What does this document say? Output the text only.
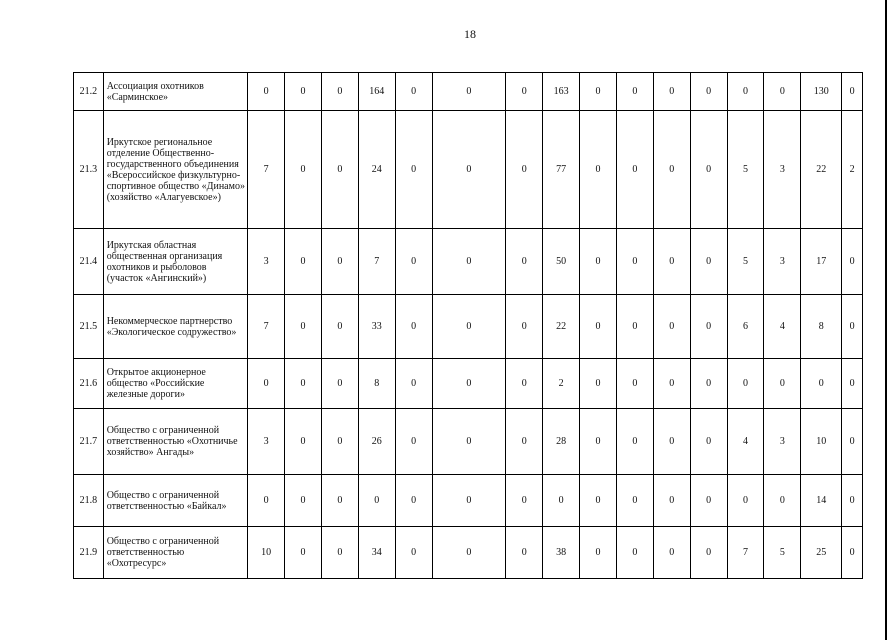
18
21.2	Ассоциация охотников «Сарминское»	0	0	0	164	0	0	0	163	0	0	0	0	0	0	130	0
21.3	Иркутское региональное отделение Общественно-государственного объединения «Всероссийское физкультурно-спортивное общество «Динамо» (хозяйство «Алагуевское»)	7	0	0	24	0	0	0	77	0	0	0	0	5	3	22	2
21.4	Иркутская областная общественная организация охотников и рыболовов (участок «Ангинский»)	3	0	0	7	0	0	0	50	0	0	0	0	5	3	17	0
21.5	Некоммерческое партнерство «Экологическое содружество»	7	0	0	33	0	0	0	22	0	0	0	0	6	4	8	0
21.6	Открытое акционерное общество «Российские железные дороги»	0	0	0	8	0	0	0	2	0	0	0	0	0	0	0	0
21.7	Общество с ограниченной ответственностью «Охотничье хозяйство» Ангады»	3	0	0	26	0	0	0	28	0	0	0	0	4	3	10	0
21.8	Общество с ограниченной ответственностью «Байкал»	0	0	0	0	0	0	0	0	0	0	0	0	0	0	14	0
21.9	Общество с ограниченной ответственностью «Охотресурс»	10	0	0	34	0	0	0	38	0	0	0	0	7	5	25	0
